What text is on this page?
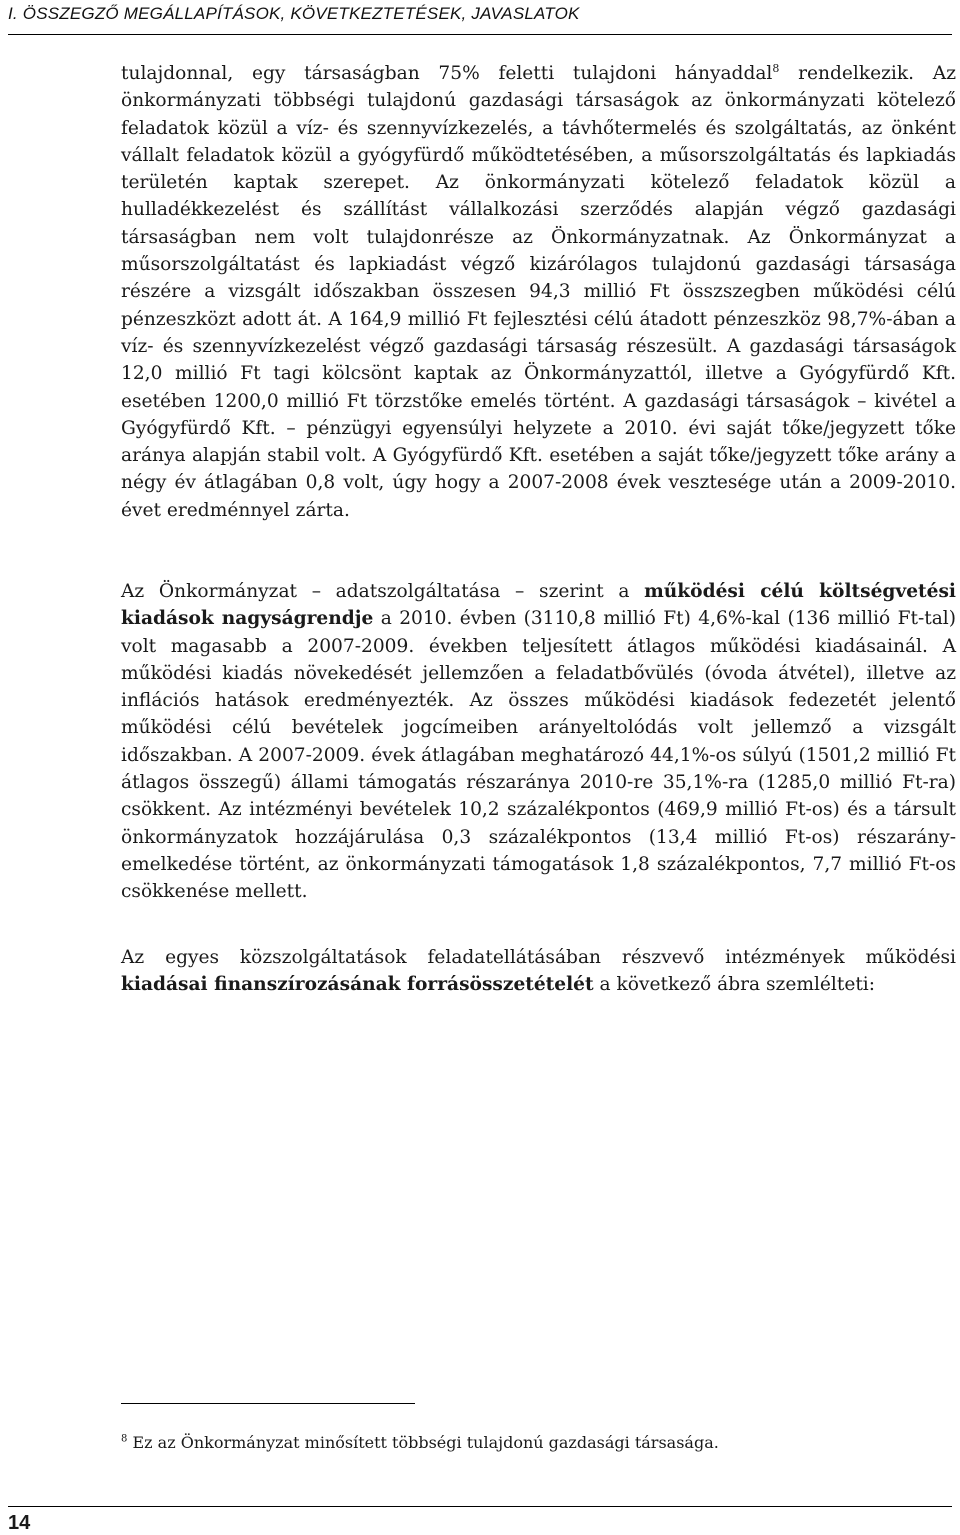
I. ÖSSZEGZŐ MEGÁLLAPÍTÁSOK, KÖVETKEZTETÉSEK, JAVASLATOK

tulajdonnal, egy társaságban 75% feletti tulajdoni hányaddal$^8$ rendelkezik. Az önkormányzati többségi tulajdonú gazdasági társaságok az önkormányzati kötelező feladatok közül a víz- és szennyvízkezelés, a távhőtermelés és szolgáltatás, az önként vállalt feladatok közül a gyógyfürdő működtetésében, a műsorszolgáltatás és lapkiadás területén kaptak szerepet. Az önkormányzati kötelező feladatok közül a hulladékkezelést és szállítást vállalkozási szerződés alapján végző gazdasági társaságban nem volt tulajdonrésze az Önkormányzatnak. Az Önkormányzat a műsorszolgáltatást és lapkiadást végző kizárólagos tulajdonú gazdasági társasága részére a vizsgált időszakban összesen 94,3 millió Ft összszegben működési célú pénzeszközt adott át. A 164,9 millió Ft fejlesztési célú átadott pénzeszköz 98,7%-ában a víz- és szennyvízkezelést végző gazdasági társaság részesült. A gazdasági társaságok 12,0 millió Ft tagi kölcsönt kaptak az Önkormányzattól, illetve a Gyógyfürdő Kft. esetében 1200,0 millió Ft törzstőke emelés történt. A gazdasági társaságok – kivétel a Gyógyfürdő Kft. – pénzügyi egyensúlyi helyzete a 2010. évi saját tőke/jegyzett tőke aránya alapján stabil volt. A Gyógyfürdő Kft. esetében a saját tőke/jegyzett tőke arány a négy év átlagában 0,8 volt, úgy hogy a 2007-2008 évek vesztesége után a 2009-2010. évet eredménnyel zárta.

Az Önkormányzat – adatszolgáltatása – szerint a működési célú költségvetési kiadások nagyságrendje a 2010. évben (3110,8 millió Ft) 4,6%-kal (136 millió Ft-tal) volt magasabb a 2007-2009. években teljesített átlagos működési kiadásainál. A működési kiadás növekedését jellemzően a feladatbővülés (óvoda átvétel), illetve az inflációs hatások eredményezték. Az összes működési kiadások fedezetét jelentő működési célú bevételek jogcímeiben arányeltolódás volt jellemző a vizsgált időszakban. A 2007-2009. évek átlagában meghatározó 44,1%-os súlyú (1501,2 millió Ft átlagos összegű) állami támogatás részaránya 2010-re 35,1%-ra (1285,0 millió Ft-ra) csökkent. Az intézményi bevételek 10,2 százalékpontos (469,9 millió Ft-os) és a társult önkormányzatok hozzájárulása 0,3 százalékpontos (13,4 millió Ft-os) részarány-emelkedése történt, az önkormányzati támogatások 1,8 százalékpontos, 7,7 millió Ft-os csökkenése mellett.

Az egyes közszolgáltatások feladatellátásában részvevő intézmények működési kiadásai finanszírozásának forrásösszetételét a következő ábra szemlélteti:

$^8$ Ez az Önkormányzat minősített többségi tulajdonú gazdasági társasága.

14
